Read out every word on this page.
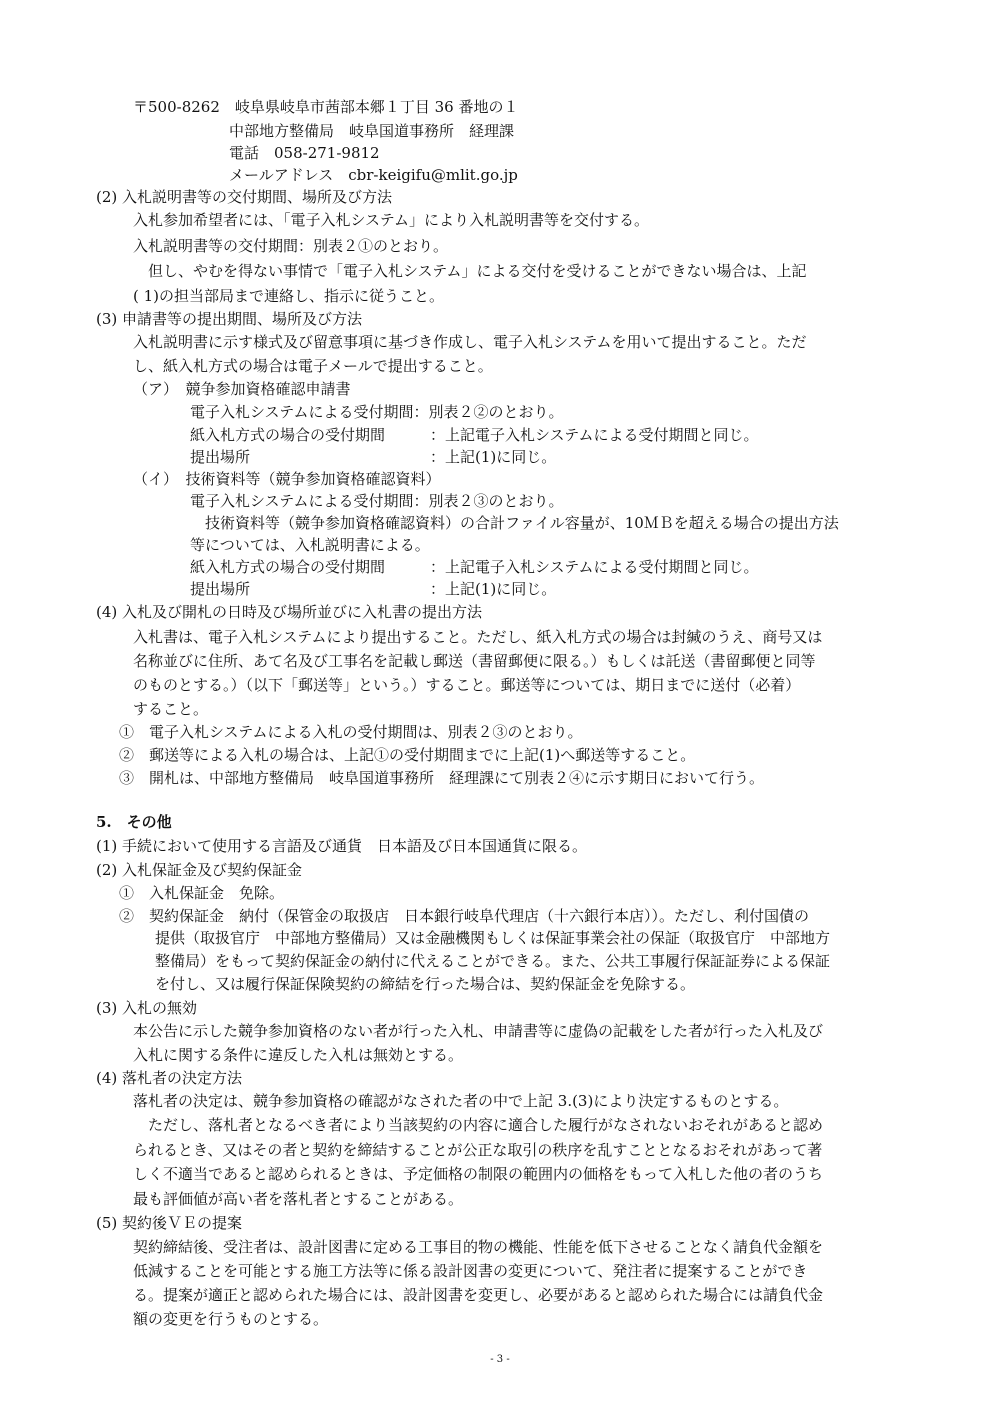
〒500-8262　岐阜県岐阜市茜部本郷１丁目 36 番地の１
中部地方整備局　岐阜国道事務所　経理課
電話　058-271-9812
メールアドレス　cbr-keigifu@mlit.go.jp
(2) 入札説明書等の交付期間、場所及び方法
入札参加希望者には、「電子入札システム」により入札説明書等を交付する。
入札説明書等の交付期間：別表２①のとおり。
但し、やむを得ない事情で「電子入札システム」による交付を受けることができない場合は、上記
( 1)の担当部局まで連絡し、指示に従うこと。
(3) 申請書等の提出期間、場所及び方法
入札説明書に示す様式及び留意事項に基づき作成し、電子入札システムを用いて提出すること。ただ
し、紙入札方式の場合は電子メールで提出すること。
（ア）　競争参加資格確認申請書
電子入札システムによる受付期間：別表２②のとおり。
紙入札方式の場合の受付期間　　　：上記電子入札システムによる受付期間と同じ。
提出場所　　　　　　　　　　　　：上記(1)に同じ。
（イ）　技術資料等（競争参加資格確認資料）
電子入札システムによる受付期間：別表２③のとおり。
技術資料等（競争参加資格確認資料）の合計ファイル容量が、10ＭＢを超える場合の提出方法
等については、入札説明書による。
紙入札方式の場合の受付期間　　　：上記電子入札システムによる受付期間と同じ。
提出場所　　　　　　　　　　　　：上記(1)に同じ。
(4) 入札及び開札の日時及び場所並びに入札書の提出方法
入札書は、電子入札システムにより提出すること。ただし、紙入札方式の場合は封緘のうえ、商号又は
名称並びに住所、あて名及び工事名を記載し郵送（書留郵便に限る。）もしくは託送（書留郵便と同等
のものとする。）（以下「郵送等」という。）すること。郵送等については、期日までに送付（必着）
すること。
①　電子入札システムによる入札の受付期間は、別表２③のとおり。
②　郵送等による入札の場合は、上記①の受付期間までに上記(1)へ郵送等すること。
③　開札は、中部地方整備局　岐阜国道事務所　経理課にて別表２④に示す期日において行う。
5.　その他
(1) 手続において使用する言語及び通貨　日本語及び日本国通貨に限る。
(2) 入札保証金及び契約保証金
①　入札保証金　免除。
②　契約保証金　納付（保管金の取扱店　日本銀行岐阜代理店（十六銀行本店））。ただし、利付国債の
提供（取扱官庁　中部地方整備局）又は金融機関もしくは保証事業会社の保証（取扱官庁　中部地方
整備局）をもって契約保証金の納付に代えることができる。また、公共工事履行保証証券による保証
を付し、又は履行保証保険契約の締結を行った場合は、契約保証金を免除する。
(3) 入札の無効
本公告に示した競争参加資格のない者が行った入札、申請書等に虚偽の記載をした者が行った入札及び
入札に関する条件に違反した入札は無効とする。
(4) 落札者の決定方法
落札者の決定は、競争参加資格の確認がなされた者の中で上記 3.(3)により決定するものとする。
ただし、落札者となるべき者により当該契約の内容に適合した履行がなされないおそれがあると認め
られるとき、又はその者と契約を締結することが公正な取引の秩序を乱すこととなるおそれがあって著
しく不適当であると認められるときは、予定価格の制限の範囲内の価格をもって入札した他の者のうち
最も評価値が高い者を落札者とすることがある。
(5) 契約後ＶＥの提案
契約締結後、受注者は、設計図書に定める工事目的物の機能、性能を低下させることなく請負代金額を
低減することを可能とする施工方法等に係る設計図書の変更について、発注者に提案することができ
る。提案が適正と認められた場合には、設計図書を変更し、必要があると認められた場合には請負代金
額の変更を行うものとする。
- 3 -
